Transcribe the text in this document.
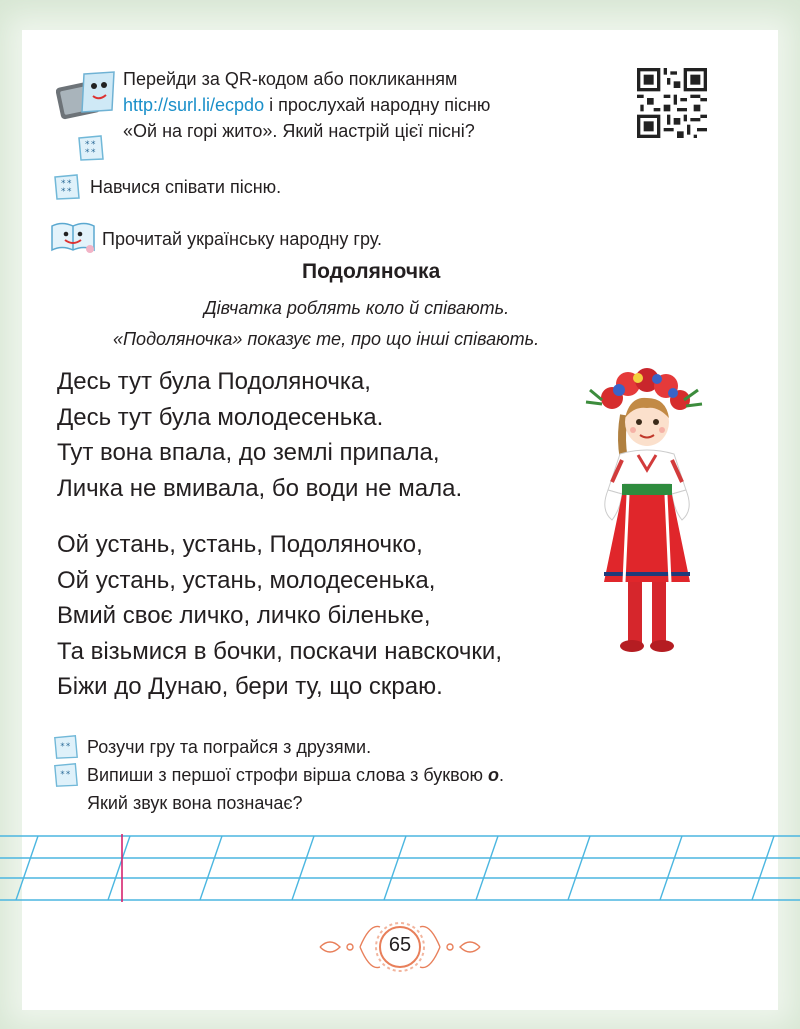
* *
* *
Перейди за QR-кодом або покликанням
http://surl.li/ecpdo і прослухай народну пісню
«Ой на горі жито». Який настрій цієї пісні?
* *
* * Навчися співати пісню.
Прочитай українську народну гру.
Подоляночка
Дівчатка роблять коло й співають.
«Подоляночка» показує те, про що інші співають.
Десь тут була Подоляночка,
Десь тут була молодесенька.
Тут вона впала, до землі припала,
Личка не вмивала, бо води не мала.
Ой устань, устань, Подоляночко,
Ой устань, устань, молодесенька,
Вмий своє личко, личко біленьке,
Та візьмися в бочки, поскачи навскочки,
Біжи до Дунаю, бери ту, що скраю.
* * Розучи гру та пограйся з друзями.
* * Випиши з першої строфи вірша слова з буквою о.
Який звук вона позначає?
65
